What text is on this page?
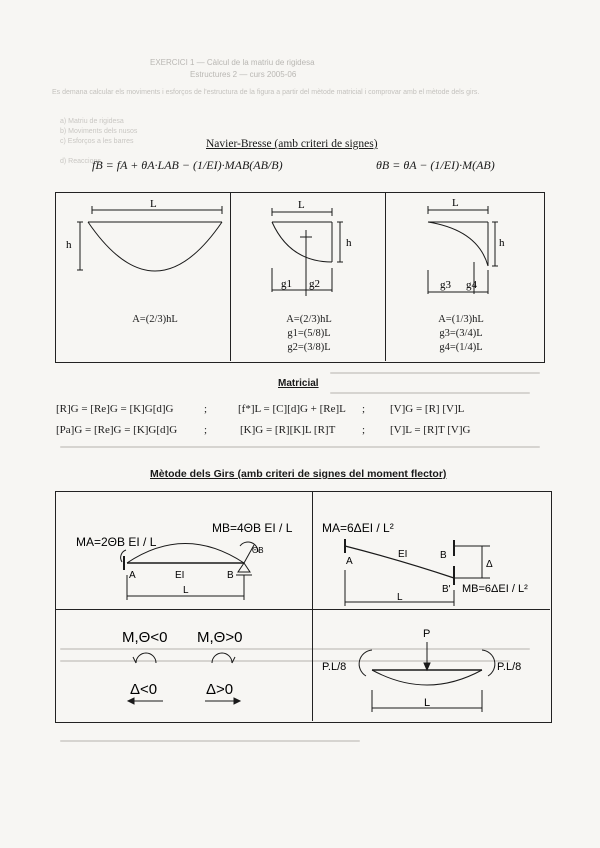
EXERCICI 1 — Càlcul de la matriu de rigidesa
Estructures 2 — curs 2005-06
Es demana calcular els moviments i esforços de l'estructura de la figura a partir del mètode matricial i comprovar amb el mètode dels girs.
a) Matriu de rigidesa
b) Moviments dels nusos
c) Esforços a les barres
d) Reaccions
Navier-Bresse (amb criteri de signes)
fB = fA + θA·LAB − (1/EI)·MAB(AB/B)	θB = θA − (1/EI)·M(AB)
L
h
L
h
g1 g2
L
h
g3 g4
A=(2/3)hL	A=(2/3)hL
g1=(5/8)L
g2=(3/8)L
A=(1/3)hL
g3=(3/4)L
g4=(1/4)L
Matricial
[R]G = [Re]G = [K]G[d]G	;	[f*]L = [C][d]G + [Re]L ; [V]G = [R] [V]L
[Pa]G = [Re]G = [K]G[d]G ;	[K]G = [R][K]L [R]T ; [V]L = [R]T [V]G
Mètode dels Girs (amb criteri de signes del moment flector)
MA=2ΘB EI / L
MB=4ΘB EI / L
ΘB
A	B
EI
L
MA=6ΔEI / L²
MB=6ΔEI / L²
A
B
B'
EI
Δ
L
M,Θ<0 M,Θ>0
Δ<0	Δ>0
P
P.L/8	P.L/8
L
